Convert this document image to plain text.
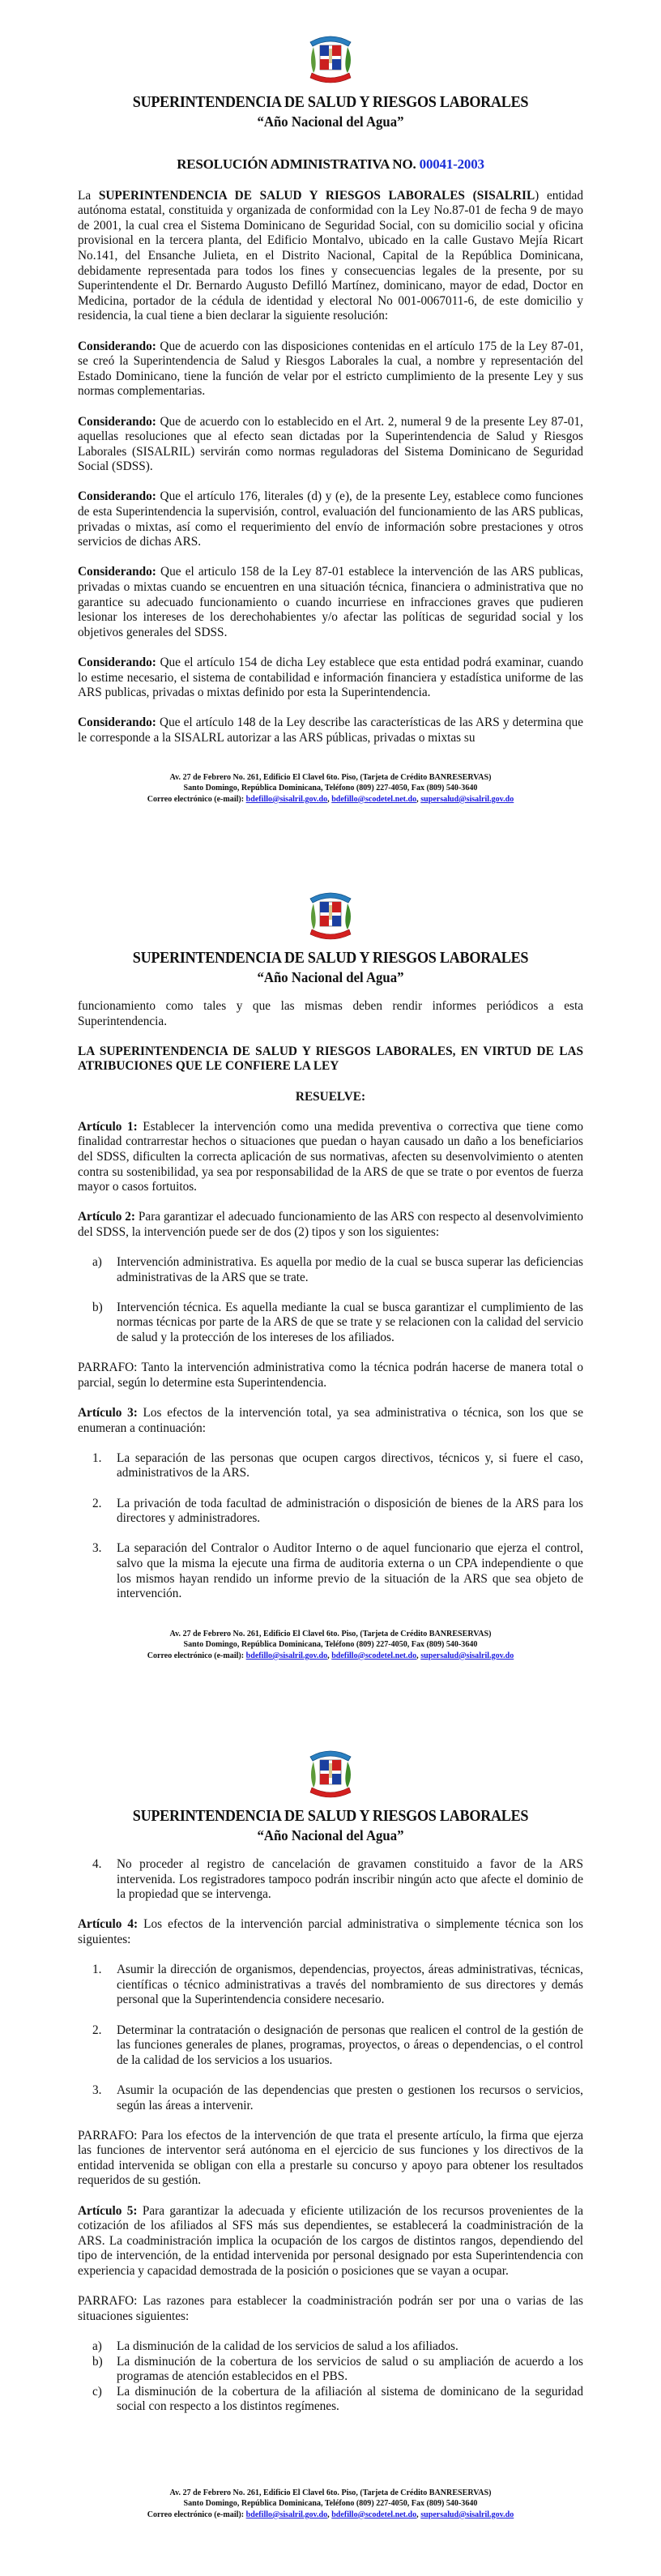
SUPERINTENDENCIA DE SALUD Y RIESGOS LABORALES
“Año Nacional del Agua”
RESOLUCIÓN ADMINISTRATIVA NO. 00041-2003

La SUPERINTENDENCIA DE SALUD Y RIESGOS LABORALES (SISALRIL) entidad autónoma estatal, constituida y organizada de conformidad con la Ley No.87-01 de fecha 9 de mayo de 2001, la cual crea el Sistema Dominicano de Seguridad Social, con su domicilio social y oficina provisional en la tercera planta, del Edificio Montalvo, ubicado en la calle Gustavo Mejía Ricart No.141, del Ensanche Julieta, en el Distrito Nacional, Capital de la República Dominicana, debidamente representada para todos los fines y consecuencias legales de la presente, por su Superintendente el Dr. Bernardo Augusto Defilló Martínez, dominicano, mayor de edad, Doctor en Medicina, portador de la cédula de identidad y electoral No 001-0067011-6, de este domicilio y residencia, la cual tiene a bien declarar la siguiente resolución:

Considerando: Que de acuerdo con las disposiciones contenidas en el artículo 175 de la Ley 87-01, se creó la Superintendencia de Salud y Riesgos Laborales la cual, a nombre y representación del Estado Dominicano, tiene la función de velar por el estricto cumplimiento de la presente Ley y sus normas complementarias.

Considerando: Que de acuerdo con lo establecido en el Art. 2, numeral 9 de la presente Ley 87-01, aquellas resoluciones que al efecto sean dictadas por la Superintendencia de Salud y Riesgos Laborales (SISALRIL) servirán como normas reguladoras del Sistema Dominicano de Seguridad Social (SDSS).

Considerando: Que el artículo 176, literales (d) y (e), de la presente Ley, establece como funciones de esta Superintendencia la supervisión, control, evaluación del funcionamiento de las ARS publicas, privadas o mixtas, así como el requerimiento del envío de información sobre prestaciones y otros servicios de dichas ARS.

Considerando: Que el articulo 158 de la Ley 87-01 establece la intervención de las ARS publicas, privadas o mixtas cuando se encuentren en una situación técnica, financiera o administrativa que no garantice su adecuado funcionamiento o cuando incurriese en infracciones graves que pudieren lesionar los intereses de los derechohabientes y/o afectar las políticas de seguridad social y los objetivos generales del SDSS.

Considerando: Que el artículo 154 de dicha Ley establece que esta entidad podrá examinar, cuando lo estime necesario, el sistema de contabilidad e información financiera y estadística uniforme de las ARS publicas, privadas o mixtas definido por esta la Superintendencia.

Considerando: Que el artículo 148 de la Ley describe las características de las ARS y determina que le corresponde a la SISALRL autorizar a las ARS públicas, privadas o mixtas su

Av. 27 de Febrero No. 261, Edificio El Clavel 6to. Piso, (Tarjeta de Crédito BANRESERVAS)
Santo Domingo, República Dominicana, Teléfono (809) 227-4050, Fax (809) 540-3640
Correo electrónico (e-mail): bdefillo@sisalril.gov.do, bdefillo@scodetel.net.do, supersalud@sisalril.gov.do
SUPERINTENDENCIA DE SALUD Y RIESGOS LABORALES
“Año Nacional del Agua”

funcionamiento como tales y que las mismas deben rendir informes periódicos a esta Superintendencia.

LA SUPERINTENDENCIA DE SALUD Y RIESGOS LABORALES, EN VIRTUD DE LAS ATRIBUCIONES QUE LE CONFIERE LA LEY

RESUELVE:

Artículo 1: Establecer la intervención como una medida preventiva o correctiva que tiene como finalidad contrarrestar hechos o situaciones que puedan o hayan causado un daño a los beneficiarios del SDSS, dificulten la correcta aplicación de sus normativas, afecten su desenvolvimiento o atenten contra su sostenibilidad, ya sea por responsabilidad de la ARS de que se trate o por eventos de fuerza mayor o casos fortuitos.

Artículo 2: Para garantizar el adecuado funcionamiento de las ARS con respecto al desenvolvimiento del SDSS, la intervención puede ser de dos (2) tipos y son los siguientes:

a) Intervención administrativa. Es aquella por medio de la cual se busca superar las deficiencias administrativas de la ARS que se trate.
b) Intervención técnica. Es aquella mediante la cual se busca garantizar el cumplimiento de las normas técnicas por parte de la ARS de que se trate y se relacionen con la calidad del servicio de salud y la protección de los intereses de los afiliados.

PARRAFO: Tanto la intervención administrativa como la técnica podrán hacerse de manera total o parcial, según lo determine esta Superintendencia.

Artículo 3: Los efectos de la intervención total, ya sea administrativa o técnica, son los que se enumeran a continuación:

1. La separación de las personas que ocupen cargos directivos, técnicos y, si fuere el caso, administrativos de la ARS.
2. La privación de toda facultad de administración o disposición de bienes de la ARS para los directores y administradores.
3. La separación del Contralor o Auditor Interno o de aquel funcionario que ejerza el control, salvo que la misma la ejecute una firma de auditoria externa o un CPA independiente o que los mismos hayan rendido un informe previo de la situación de la ARS que sea objeto de intervención.
Av. 27 de Febrero No. 261, Edificio El Clavel 6to. Piso, (Tarjeta de Crédito BANRESERVAS)
Santo Domingo, República Dominicana, Teléfono (809) 227-4050, Fax (809) 540-3640
Correo electrónico (e-mail): bdefillo@sisalril.gov.do, bdefillo@scodetel.net.do, supersalud@sisalril.gov.do
SUPERINTENDENCIA DE SALUD Y RIESGOS LABORALES
“Año Nacional del Agua”
4. No proceder al registro de cancelación de gravamen constituido a favor de la ARS intervenida. Los registradores tampoco podrán inscribir ningún acto que afecte el dominio de la propiedad que se intervenga.

Artículo 4: Los efectos de la intervención parcial administrativa o simplemente técnica son los siguientes:

1. Asumir la dirección de organismos, dependencias, proyectos, áreas administrativas, técnicas, científicas o técnico administrativas a través del nombramiento de sus directores y demás personal que la Superintendencia considere necesario.
2. Determinar la contratación o designación de personas que realicen el control de la gestión de las funciones generales de planes, programas, proyectos, o áreas o dependencias, o el control de la calidad de los servicios a los usuarios.
3. Asumir la ocupación de las dependencias que presten o gestionen los recursos o servicios, según las áreas a intervenir.

PARRAFO: Para los efectos de la intervención de que trata el presente artículo, la firma que ejerza las funciones de interventor será autónoma en el ejercicio de sus funciones y los directivos de la entidad intervenida se obligan con ella a prestarle su concurso y apoyo para obtener los resultados requeridos de su gestión.

Artículo 5: Para garantizar la adecuada y eficiente utilización de los recursos provenientes de la cotización de los afiliados al SFS más sus dependientes, se establecerá la coadministración de la ARS. La coadministración implica la ocupación de los cargos de distintos rangos, dependiendo del tipo de intervención, de la entidad intervenida por personal designado por esta Superintendencia con experiencia y capacidad demostrada de la posición o posiciones que se vayan a ocupar.

PARRAFO: Las razones para establecer la coadministración podrán ser por una o varias de las situaciones siguientes:

a) La disminución de la calidad de los servicios de salud a los afiliados.
b) La disminución de la cobertura de los servicios de salud o su ampliación de acuerdo a los programas de atención establecidos en el PBS.
c) La disminución de la cobertura de la afiliación al sistema de dominicano de la seguridad social con respecto a los distintos regímenes.
Av. 27 de Febrero No. 261, Edificio El Clavel 6to. Piso, (Tarjeta de Crédito BANRESERVAS)
Santo Domingo, República Dominicana, Teléfono (809) 227-4050, Fax (809) 540-3640
Correo electrónico (e-mail): bdefillo@sisalril.gov.do, bdefillo@scodetel.net.do, supersalud@sisalril.gov.do
